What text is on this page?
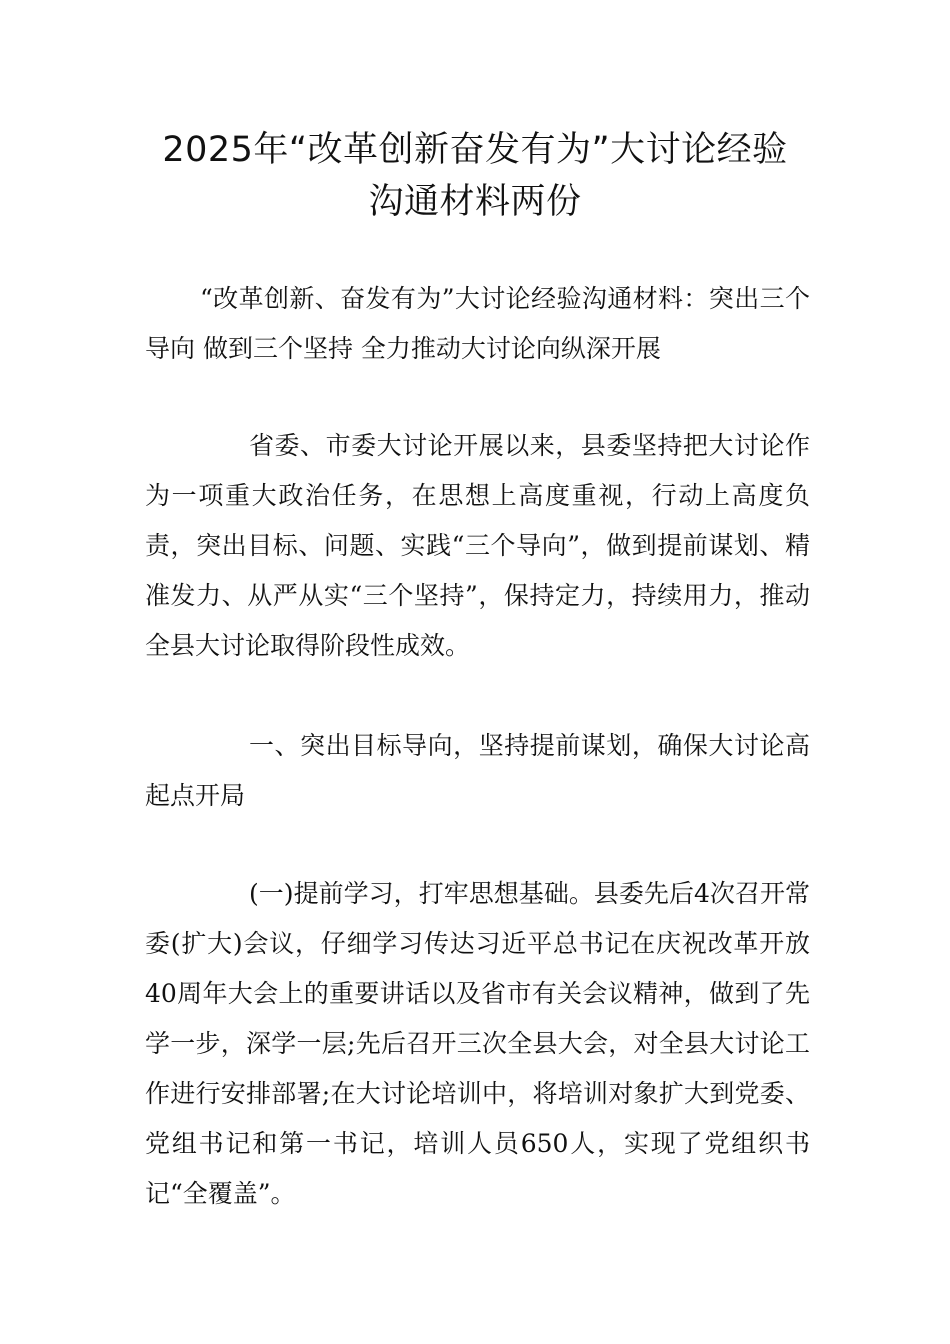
2025年“改革创新奋发有为”大讨论经验
沟通材料两份

“改革创新、奋发有为”大讨论经验沟通材料：突出三个导向 做到三个坚持 全力推动大讨论向纵深开展

省委、市委大讨论开展以来，县委坚持把大讨论作为一项重大政治任务，在思想上高度重视，行动上高度负责，突出目标、问题、实践“三个导向”，做到提前谋划、精准发力、从严从实“三个坚持”，保持定力，持续用力，推动全县大讨论取得阶段性成效。

一、突出目标导向，坚持提前谋划，确保大讨论高起点开局

(一)提前学习，打牢思想基础。县委先后4次召开常委(扩大)会议，仔细学习传达习近平总书记在庆祝改革开放40周年大会上的重要讲话以及省市有关会议精神，做到了先学一步，深学一层;先后召开三次全县大会，对全县大讨论工作进行安排部署;在大讨论培训中，将培训对象扩大到党委、党组书记和第一书记，培训人员650人，实现了党组织书记“全覆盖”。
